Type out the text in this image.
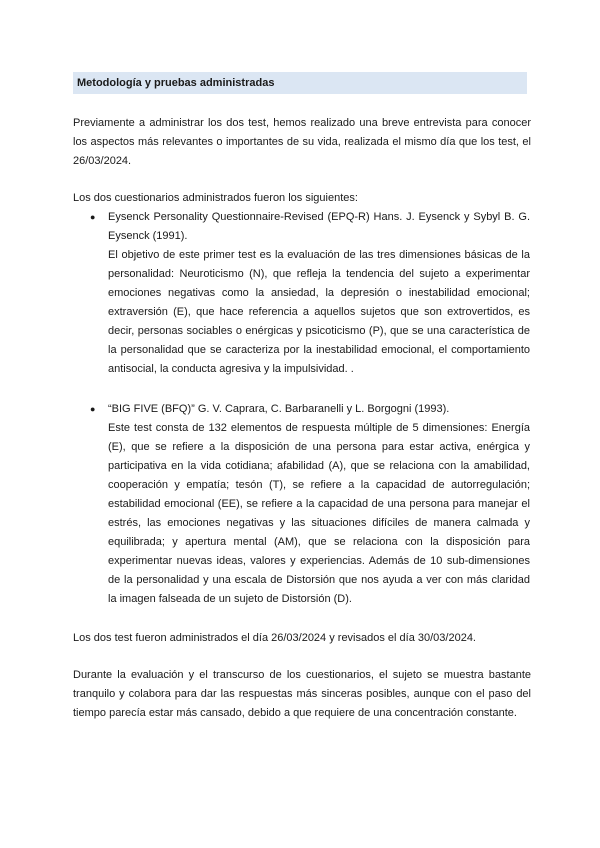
Metodología y pruebas administradas

Previamente a administrar los dos test, hemos realizado una breve entrevista para conocer los aspectos más relevantes o importantes de su vida, realizada el mismo día que los test, el 26/03/2024.

Los dos cuestionarios administrados fueron los siguientes:

● Eysenck Personality Questionnaire-Revised (EPQ-R) Hans. J. Eysenck y Sybyl B. G. Eysenck (1991).
El objetivo de este primer test es la evaluación de las tres dimensiones básicas de la personalidad: Neuroticismo (N), que refleja la tendencia del sujeto a experimentar emociones negativas como la ansiedad, la depresión o inestabilidad emocional; extraversión (E), que hace referencia a aquellos sujetos que son extrovertidos, es decir, personas sociables o enérgicas y psicoticismo (P), que se una característica de la personalidad que se caracteriza por la inestabilidad emocional, el comportamiento antisocial, la conducta agresiva y la impulsividad. .
● “BIG FIVE (BFQ)” G. V. Caprara, C. Barbaranelli y L. Borgogni (1993).
Este test consta de 132 elementos de respuesta múltiple de 5 dimensiones: Energía (E), que se refiere a la disposición de una persona para estar activa, enérgica y participativa en la vida cotidiana; afabilidad (A), que se relaciona con la amabilidad, cooperación y empatía; tesón (T), se refiere a la capacidad de autorregulación; estabilidad emocional (EE), se refiere a la capacidad de una persona para manejar el estrés, las emociones negativas y las situaciones difíciles de manera calmada y equilibrada; y apertura mental (AM), que se relaciona con la disposición para experimentar nuevas ideas, valores y experiencias. Además de 10 sub-dimensiones de la personalidad y una escala de Distorsión que nos ayuda a ver con más claridad la imagen falseada de un sujeto de Distorsión (D).

Los dos test fueron administrados el día 26/03/2024 y revisados el día 30/03/2024.

Durante la evaluación y el transcurso de los cuestionarios, el sujeto se muestra bastante tranquilo y colabora para dar las respuestas más sinceras posibles, aunque con el paso del tiempo parecía estar más cansado, debido a que requiere de una concentración constante.
